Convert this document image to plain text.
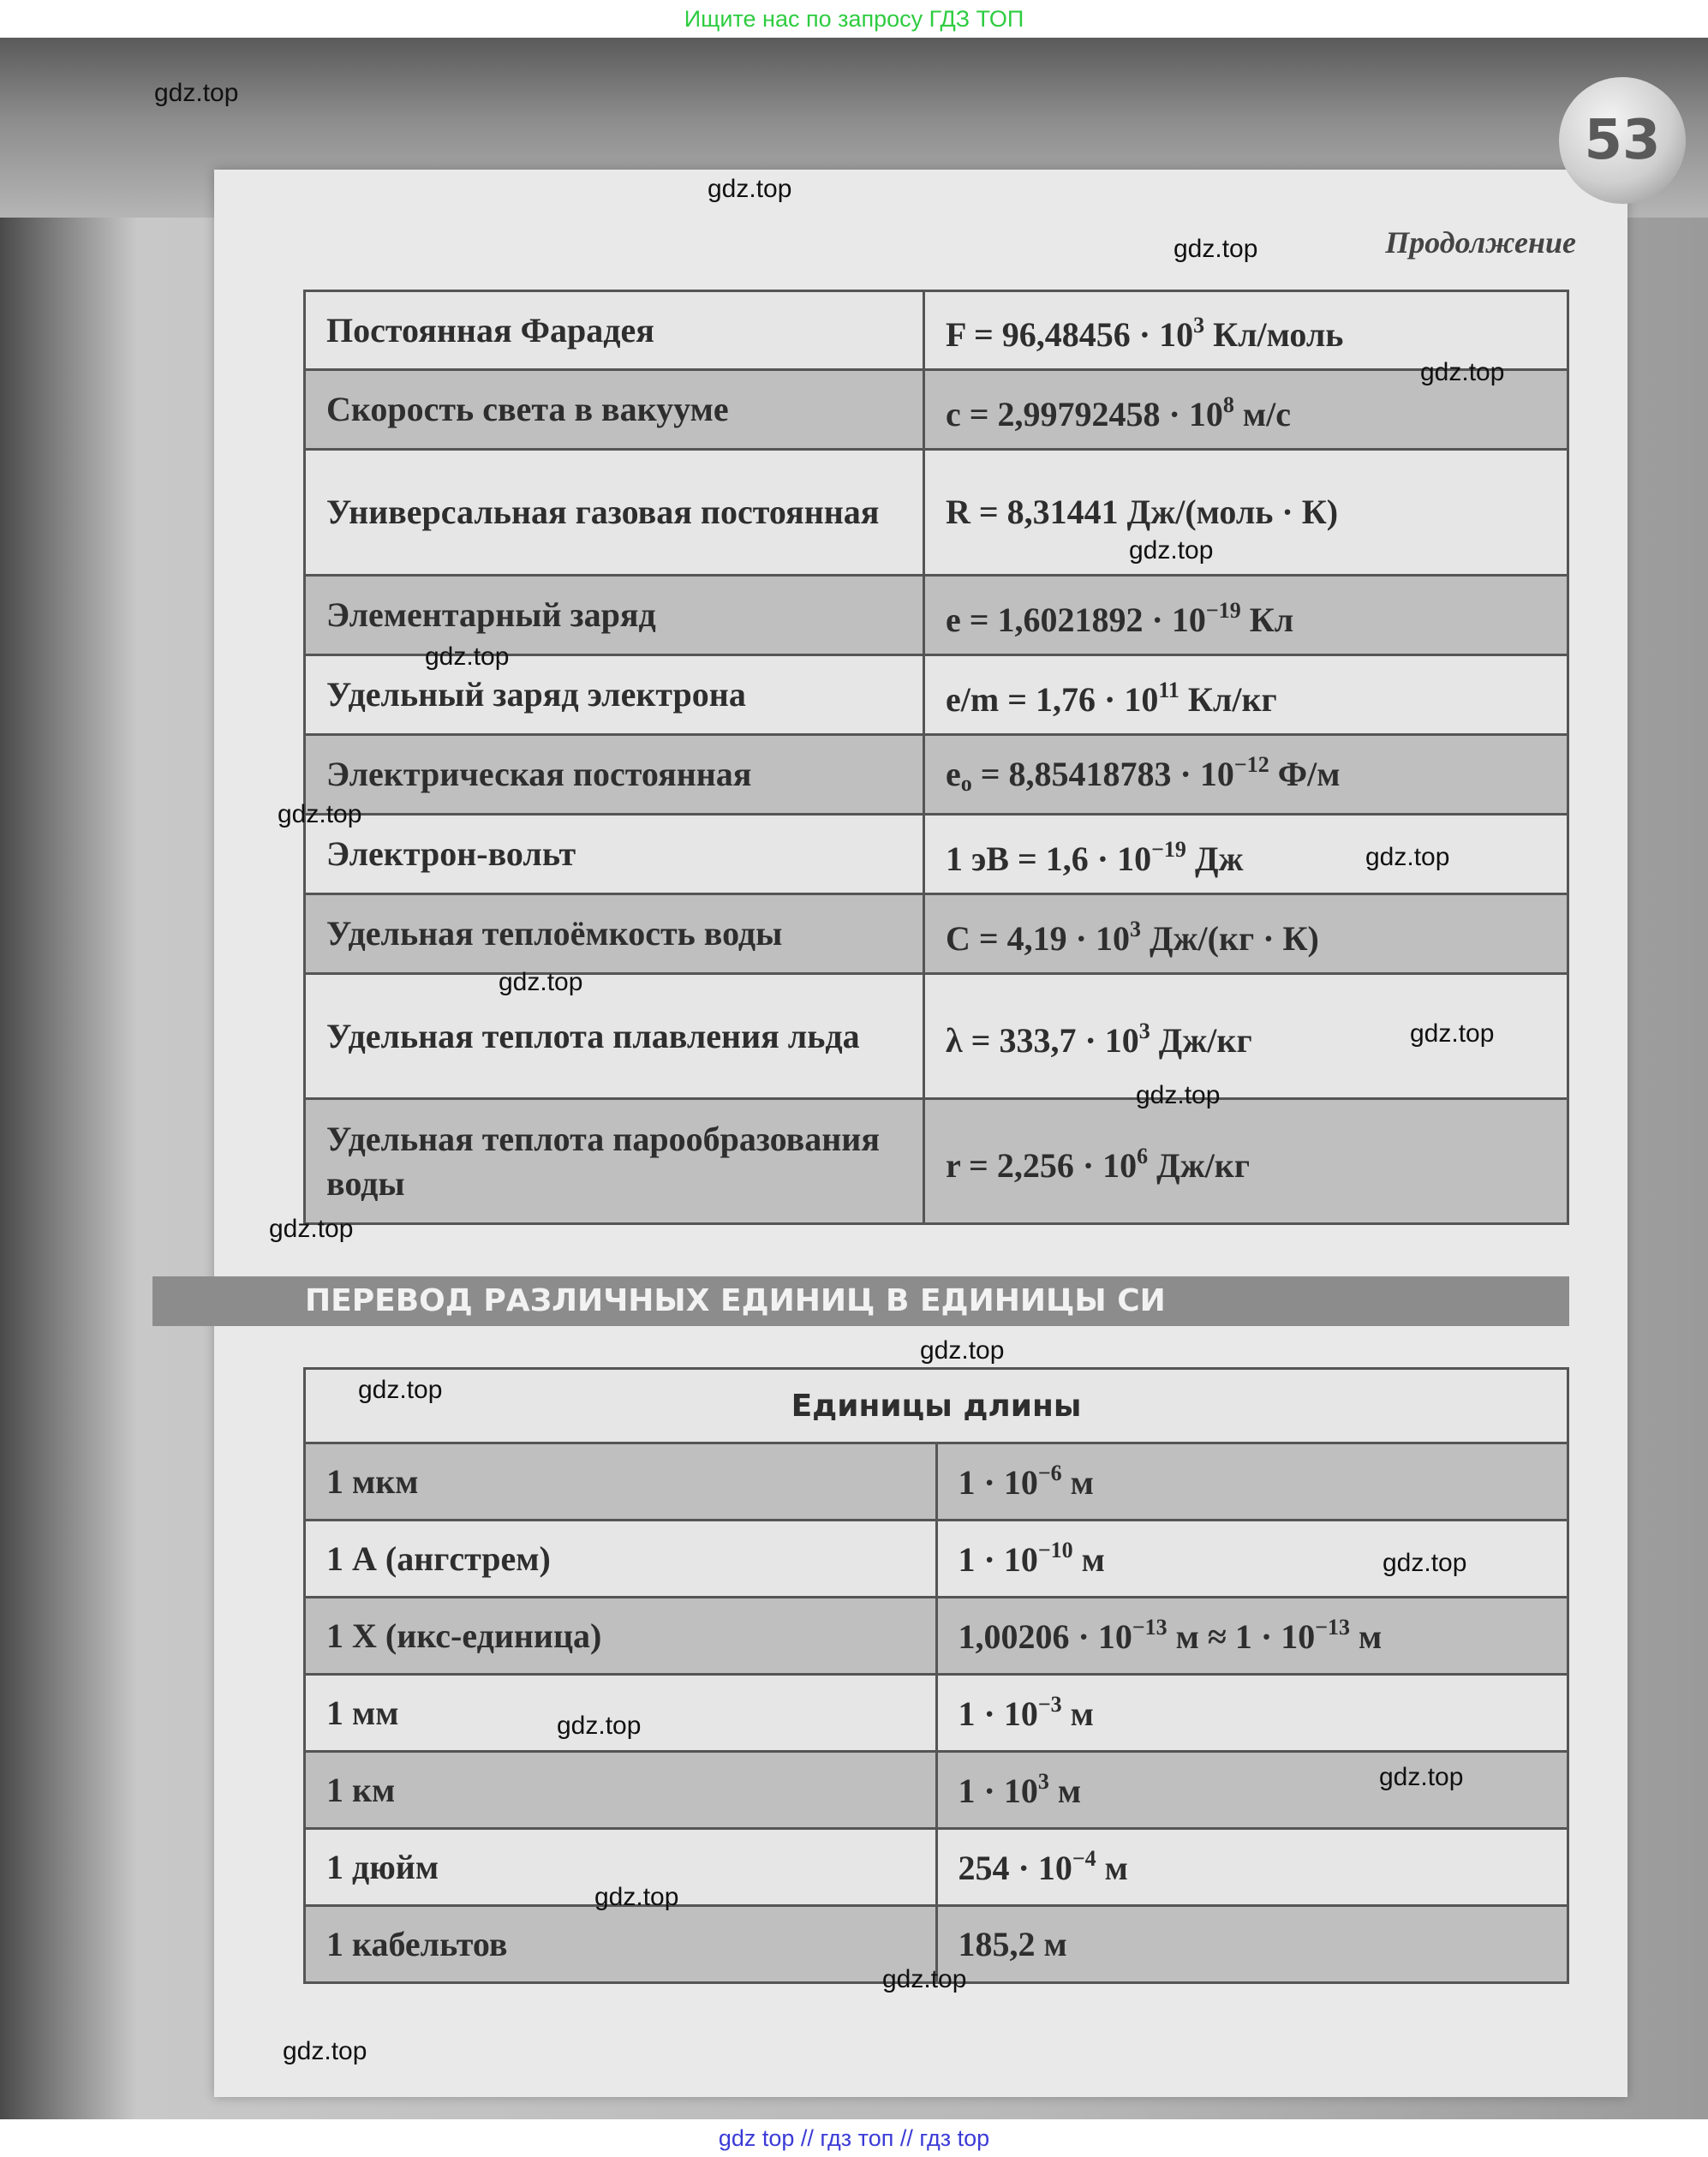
Ищите нас по запросу ГДЗ ТОП
53
Продолжение
Постоянная Фарадея	$F = 96,48456 \cdot 10^3$ Кл/моль
Скорость света в вакууме	$c = 2,99792458 \cdot 10^8$ м/с
Универсальная газовая постоянная	R = 8,31441 Дж/(моль · К)
Элементарный заряд	$e = 1,6021892 \cdot 10^{-19}$ Кл
Удельный заряд электрона	$e/m = 1,76 \cdot 10^{11}$ Кл/кг
Электрическая постоянная	$e_o = 8,85418783 \cdot 10^{-12}$ Ф/м
Электрон-вольт	1 эВ = $1,6 \cdot 10^{-19}$ Дж
Удельная теплоёмкость воды	$C = 4,19 \cdot 10^3$ Дж/(кг · К)
Удельная теплота плавления льда	$\lambda = 333,7 \cdot 10^3$ Дж/кг
Удельная теплота парообразования воды	$r = 2,256 \cdot 10^6$ Дж/кг
ПЕРЕВОД РАЗЛИЧНЫХ ЕДИНИЦ В ЕДИНИЦЫ СИ
Единицы длины	
1 мкм	$1 \cdot 10^{-6}$ м
1 А (ангстрем)	$1 \cdot 10^{-10}$ м
1 Х (икс-единица)	$1,00206 \cdot 10^{-13}$ $м \approx 1 \cdot 10^{-13}$ м
1 мм	$1 \cdot 10^{-3}$ м
1 км	$1 \cdot 10^3$ м
1 дюйм	$254 \cdot 10^{-4}$ м
1 кабельтов	185,2 м
gdz.top
gdz.top
gdz.top
gdz.top
gdz.top
gdz.top
gdz.top
gdz.top
gdz.top
gdz.top
gdz.top
gdz.top
gdz.top
gdz.top
gdz.top
gdz.top
gdz.top
gdz.top
gdz.top
gdz.top
gdz top // гдз топ // гдз top
